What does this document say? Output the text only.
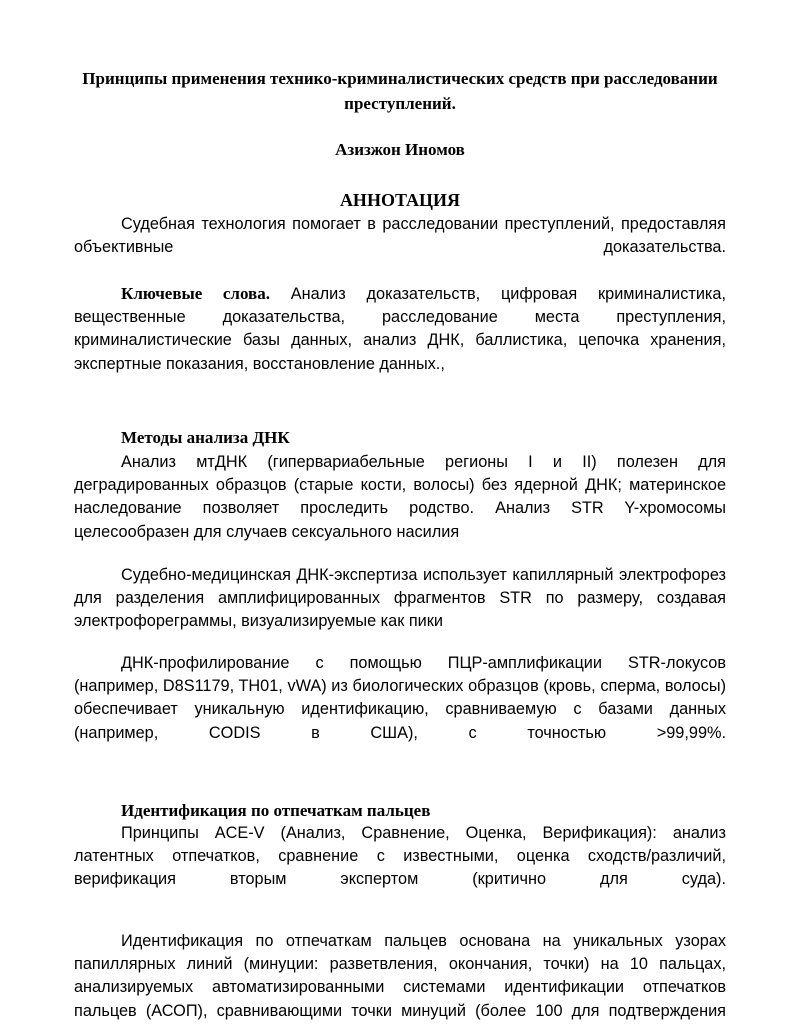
Принципы применения технико-криминалистических средств при расследовании преступлений.

Азизжон Иномов

АННОТАЦИЯ

Судебная технология помогает в расследовании преступлений, предоставляя объективные доказательства.

Ключевые слова. Анализ доказательств, цифровая криминалистика, вещественные доказательства, расследование места преступления, криминалистические базы данных, анализ ДНК, баллистика, цепочка хранения, экспертные показания, восстановление данных.,

Методы анализа ДНК

Анализ мтДНК (гипервариабельные регионы I и II) полезен для деградированных образцов (старые кости, волосы) без ядерной ДНК; материнское наследование позволяет проследить родство. Анализ STR Y-хромосомы целесообразен для случаев сексуального насилия

Судебно-медицинская ДНК-экспертиза использует капиллярный электрофорез для разделения амплифицированных фрагментов STR по размеру, создавая электрофореграммы, визуализируемые как пики

ДНК-профилирование с помощью ПЦР-амплификации STR-локусов (например, D8S1179, TH01, vWA) из биологических образцов (кровь, сперма, волосы) обеспечивает уникальную идентификацию, сравниваемую с базами данных (например, CODIS в США), с точностью >99,99%.

Идентификация по отпечаткам пальцев

Принципы ACE-V (Анализ, Сравнение, Оценка, Верификация): анализ латентных отпечатков, сравнение с известными, оценка сходств/различий, верификация вторым экспертом (критично для суда).

Идентификация по отпечаткам пальцев основана на уникальных узорах папиллярных линий (минуции: разветвления, окончания, точки) на 10 пальцах, анализируемых автоматизированными системами идентификации отпечатков пальцев (АСОП), сравнивающими точки минуций (более 100 для подтверждения
